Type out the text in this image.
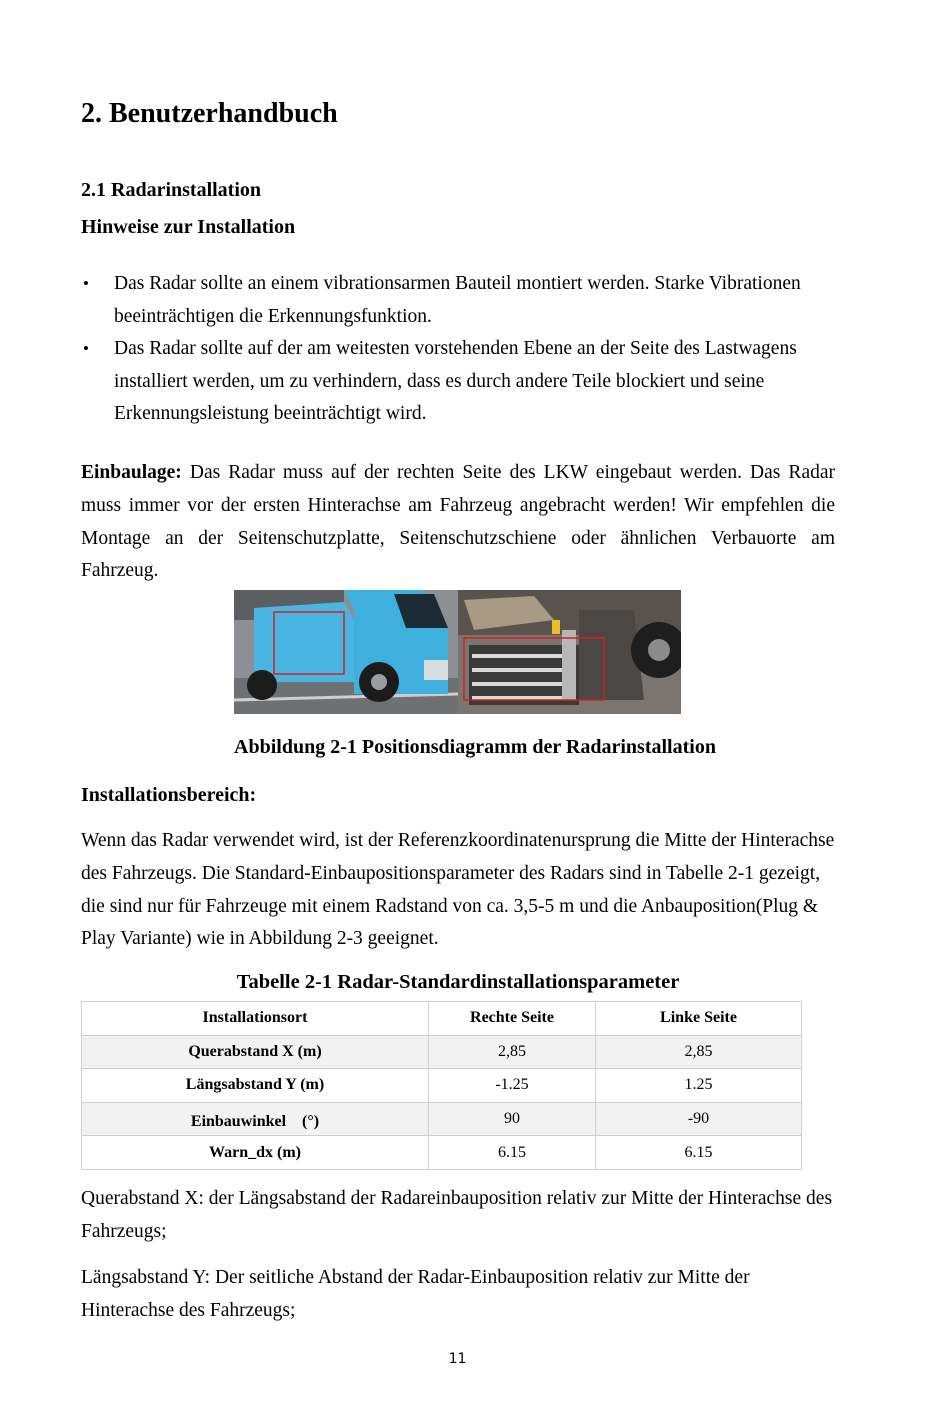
2. Benutzerhandbuch

2.1 Radarinstallation

Hinweise zur Installation

• Das Radar sollte an einem vibrationsarmen Bauteil montiert werden. Starke Vibrationen beeinträchtigen die Erkennungsfunktion.
• Das Radar sollte auf der am weitesten vorstehenden Ebene an der Seite des Lastwagens installiert werden, um zu verhindern, dass es durch andere Teile blockiert und seine Erkennungsleistung beeinträchtigt wird.

Einbaulage: Das Radar muss auf der rechten Seite des LKW eingebaut werden. Das Radar muss immer vor der ersten Hinterachse am Fahrzeug angebracht werden! Wir empfehlen die Montage an der Seitenschutzplatte, Seitenschutzschiene oder ähnlichen Verbauorte am Fahrzeug.

Abbildung 2-1 Positionsdiagramm der Radarinstallation

Installationsbereich:

Wenn das Radar verwendet wird, ist der Referenzkoordinatenursprung die Mitte der Hinterachse des Fahrzeugs. Die Standard-Einbaupositionsparameter des Radars sind in Tabelle 2-1 gezeigt, die sind nur für Fahrzeuge mit einem Radstand von ca. 3,5-5 m und die Anbauposition(Plug & Play Variante) wie in Abbildung 2-3 geeignet.

Tabelle 2-1 Radar-Standardinstallationsparameter

Installationsort	Rechte Seite	Linke Seite
Querabstand X (m)	2,85	2,85
Längsabstand Y (m)	-1.25	1.25
Einbauwinkel　(°)	90	-90
Warn_dx (m)	6.15	6.15

Querabstand X: der Längsabstand der Radareinbauposition relativ zur Mitte der Hinterachse des Fahrzeugs;

Längsabstand Y: Der seitliche Abstand der Radar-Einbauposition relativ zur Mitte der Hinterachse des Fahrzeugs;

11
